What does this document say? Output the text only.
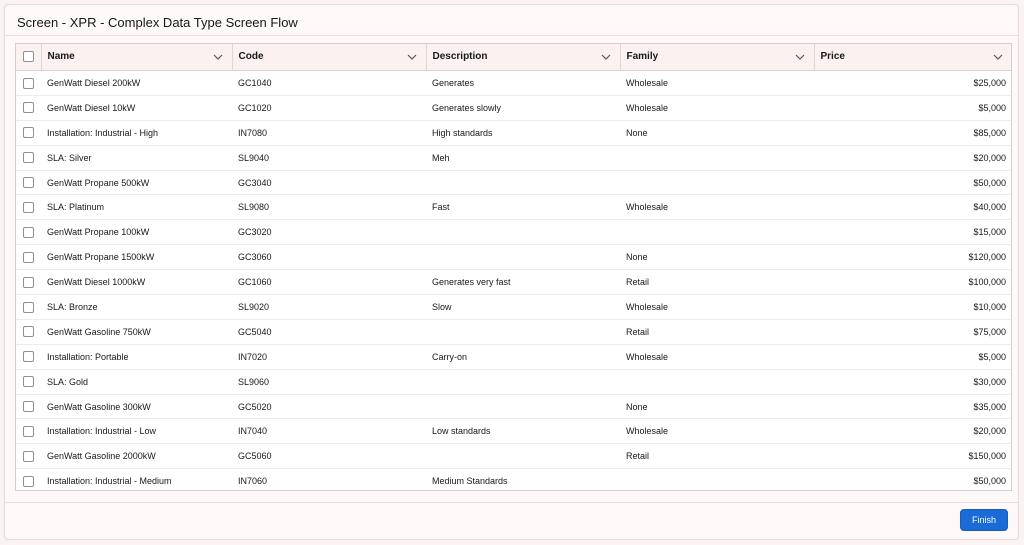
Screen - XPR - Complex Data Type Screen Flow
	Name	Code	Description	Family	Price

	GenWatt Diesel 200kW	GC1040	Generates	Wholesale	$25,000
	GenWatt Diesel 10kW	GC1020	Generates slowly	Wholesale	$5,000
	Installation: Industrial - High	IN7080	High standards	None	$85,000
	SLA: Silver	SL9040	Meh		$20,000
	GenWatt Propane 500kW	GC3040			$50,000
	SLA: Platinum	SL9080	Fast	Wholesale	$40,000
	GenWatt Propane 100kW	GC3020			$15,000
	GenWatt Propane 1500kW	GC3060		None	$120,000
	GenWatt Diesel 1000kW	GC1060	Generates very fast	Retail	$100,000
	SLA: Bronze	SL9020	Slow	Wholesale	$10,000
	GenWatt Gasoline 750kW	GC5040		Retail	$75,000
	Installation: Portable	IN7020	Carry-on	Wholesale	$5,000
	SLA: Gold	SL9060			$30,000
	GenWatt Gasoline 300kW	GC5020		None	$35,000
	Installation: Industrial - Low	IN7040	Low standards	Wholesale	$20,000
	GenWatt Gasoline 2000kW	GC5060		Retail	$150,000
	Installation: Industrial - Medium	IN7060	Medium Standards		$50,000
Finish
